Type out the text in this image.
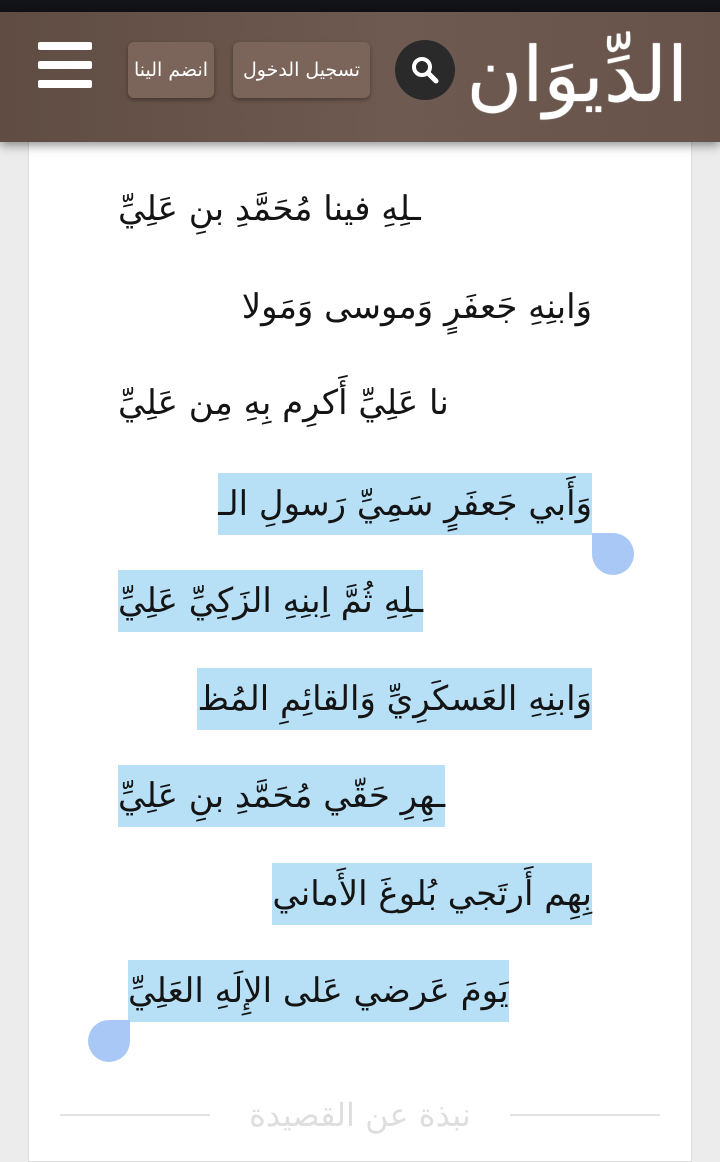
انضم الينا	تسجيل الدخول الدِّيوَان
ـلِهِ فينا مُحَمَّدِ بنِ عَلِيِّ
وَابنِهِ جَعفَرٍ وَموسى وَمَولا
نا عَلِيِّ أَكرِم بِهِ مِن عَلِيِّ
وَأَبي جَعفَرٍ سَمِيِّ رَسولِ الـ
ـلِهِ ثُمَّ اِبنِهِ الزَكِيِّ عَلِيِّ
وَابنِهِ العَسكَرِيِّ وَالقائِمِ المُظ
ـهِرِ حَقّي مُحَمَّدِ بنِ عَلِيِّ
بِهِم أَرتَجي بُلوغَ الأَماني
يَومَ عَرضي عَلى الإِلَهِ العَلِيِّ
نبذة عن القصيدة
